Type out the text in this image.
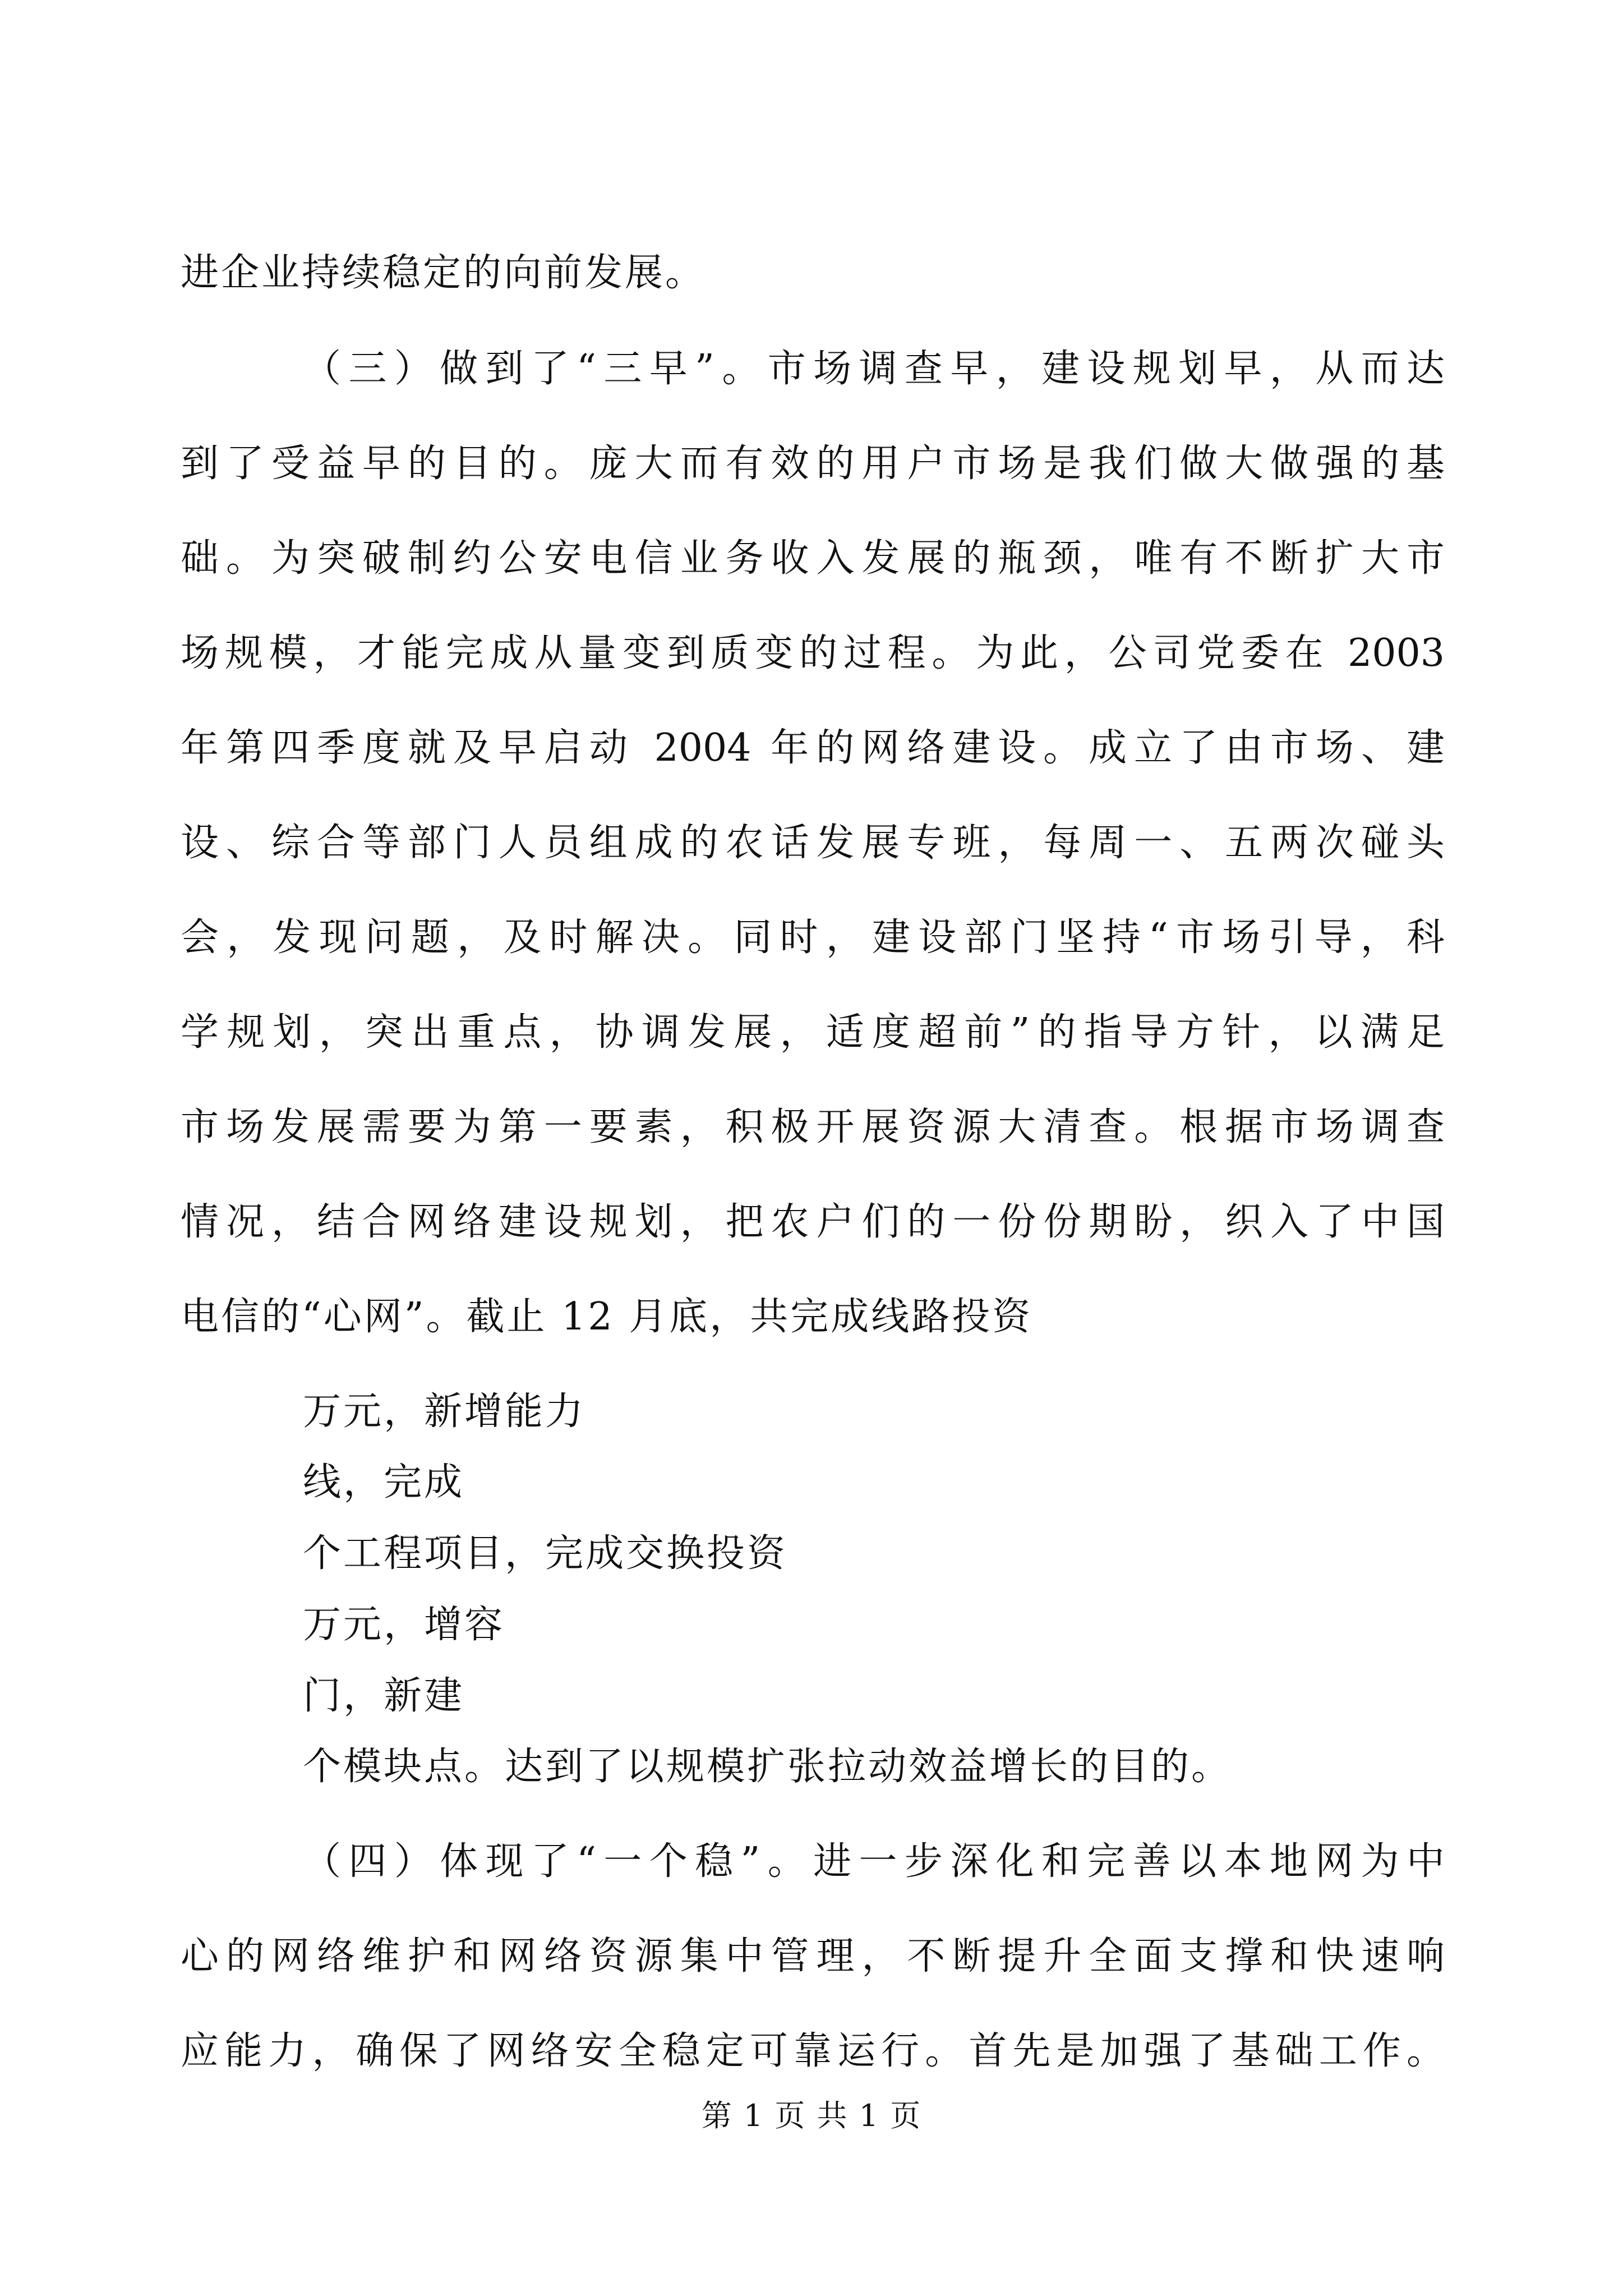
进企业持续稳定的向前发展。
（三）做到了“三早”。市场调查早，建设规划早，从而达
到了受益早的目的。庞大而有效的用户市场是我们做大做强的基
础。为突破制约公安电信业务收入发展的瓶颈，唯有不断扩大市
场规模，才能完成从量变到质变的过程。为此，公司党委在 2003
年第四季度就及早启动 2004 年的网络建设。成立了由市场、建
设、综合等部门人员组成的农话发展专班，每周一、五两次碰头
会，发现问题，及时解决。同时，建设部门坚持“市场引导，科
学规划，突出重点，协调发展，适度超前”的指导方针，以满足
市场发展需要为第一要素，积极开展资源大清查。根据市场调查
情况，结合网络建设规划，把农户们的一份份期盼，织入了中国
电信的“心网”。截止 12 月底，共完成线路投资
万元，新增能力
线，完成
个工程项目，完成交换投资
万元，增容
门，新建
个模块点。达到了以规模扩张拉动效益增长的目的。
（四）体现了“一个稳”。进一步深化和完善以本地网为中
心的网络维护和网络资源集中管理，不断提升全面支撑和快速响
应能力，确保了网络安全稳定可靠运行。首先是加强了基础工作。
第 1 页 共 1 页
